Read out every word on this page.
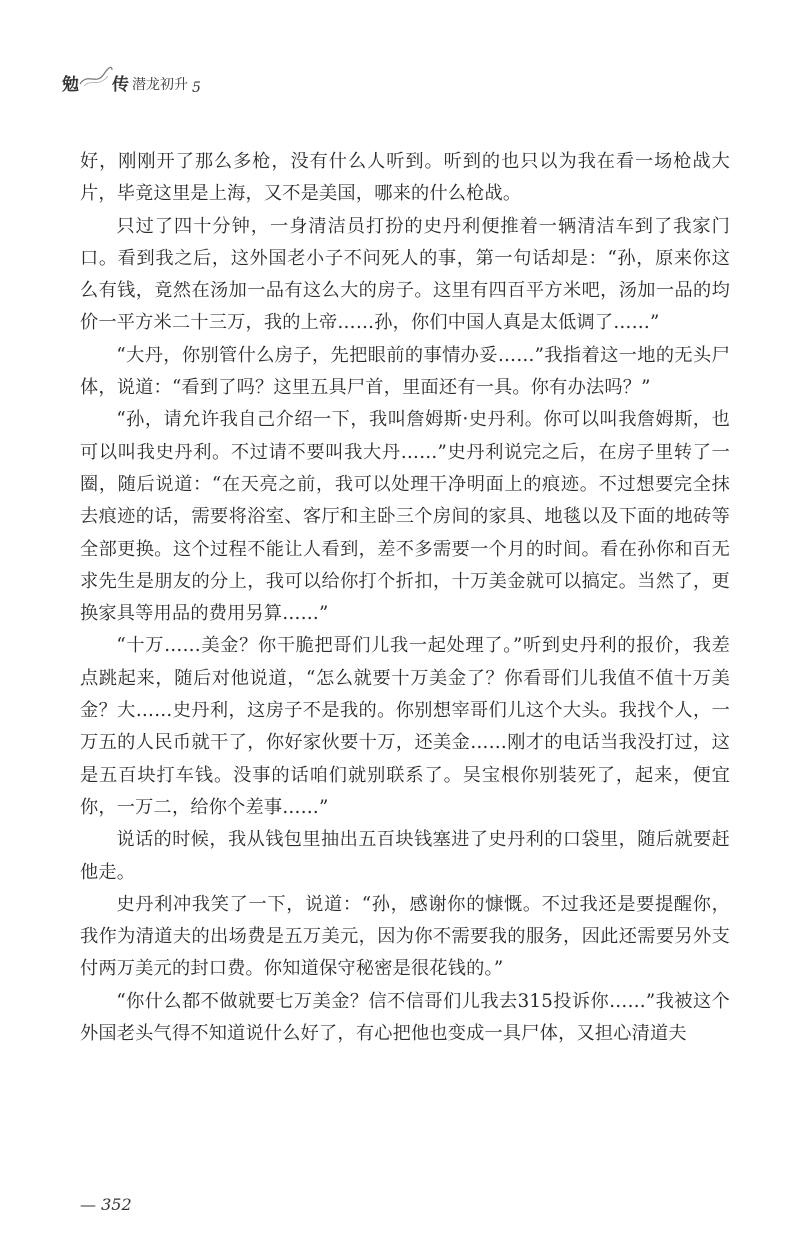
勉 传 潜龙初升 5

好，刚刚开了那么多枪，没有什么人听到。听到的也只以为我在看一场枪战大片，毕竟这里是上海，又不是美国，哪来的什么枪战。

只过了四十分钟，一身清洁员打扮的史丹利便推着一辆清洁车到了我家门口。看到我之后，这外国老小子不问死人的事，第一句话却是：“孙，原来你这么有钱，竟然在汤加一品有这么大的房子。这里有四百平方米吧，汤加一品的均价一平方米二十三万，我的上帝……孙，你们中国人真是太低调了……”

“大丹，你别管什么房子，先把眼前的事情办妥……”我指着这一地的无头尸体，说道：“看到了吗？这里五具尸首，里面还有一具。你有办法吗？”

“孙，请允许我自己介绍一下，我叫詹姆斯·史丹利。你可以叫我詹姆斯，也可以叫我史丹利。不过请不要叫我大丹……”史丹利说完之后，在房子里转了一圈，随后说道：“在天亮之前，我可以处理干净明面上的痕迹。不过想要完全抹去痕迹的话，需要将浴室、客厅和主卧三个房间的家具、地毯以及下面的地砖等全部更换。这个过程不能让人看到，差不多需要一个月的时间。看在孙你和百无求先生是朋友的分上，我可以给你打个折扣，十万美金就可以搞定。当然了，更换家具等用品的费用另算……”

“十万……美金？你干脆把哥们儿我一起处理了。”听到史丹利的报价，我差点跳起来，随后对他说道，“怎么就要十万美金了？你看哥们儿我值不值十万美金？大……史丹利，这房子不是我的。你别想宰哥们儿这个大头。我找个人，一万五的人民币就干了，你好家伙要十万，还美金……刚才的电话当我没打过，这是五百块打车钱。没事的话咱们就别联系了。吴宝根你别装死了，起来，便宜你，一万二，给你个差事……”

说话的时候，我从钱包里抽出五百块钱塞进了史丹利的口袋里，随后就要赶他走。

史丹利冲我笑了一下，说道：“孙，感谢你的慷慨。不过我还是要提醒你，我作为清道夫的出场费是五万美元，因为你不需要我的服务，因此还需要另外支付两万美元的封口费。你知道保守秘密是很花钱的。”

“你什么都不做就要七万美金？信不信哥们儿我去315投诉你……”我被这个外国老头气得不知道说什么好了，有心把他也变成一具尸体，又担心清道夫

— 352
